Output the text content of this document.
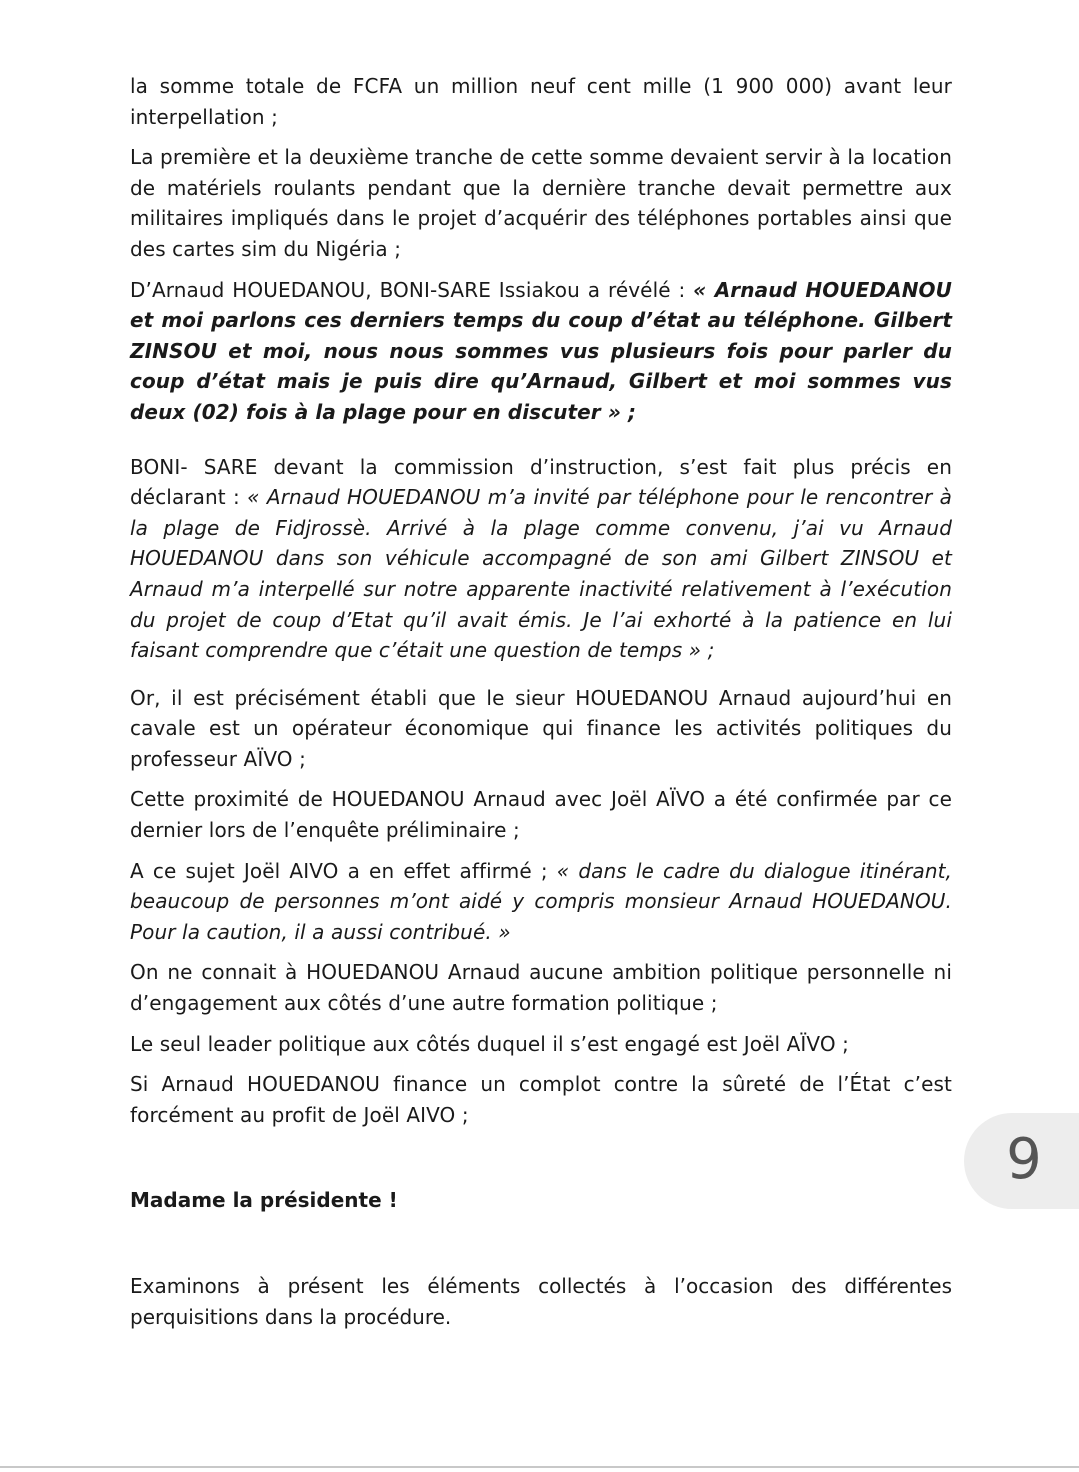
la somme totale de FCFA un million neuf cent mille (1 900 000) avant leur interpellation ;

La première et la deuxième tranche de cette somme devaient servir à la location de matériels roulants pendant que la dernière tranche devait permettre aux militaires impliqués dans le projet d’acquérir des téléphones portables ainsi que des cartes sim du Nigéria ;

D’Arnaud HOUEDANOU, BONI-SARE Issiakou a révélé : « Arnaud HOUEDANOU et moi parlons ces derniers temps du coup d’état au téléphone. Gilbert ZINSOU et moi, nous nous sommes vus plusieurs fois pour parler du coup d’état mais je puis dire qu’Arnaud, Gilbert et moi sommes vus deux (02) fois à la plage pour en discuter » ;

BONI- SARE devant la commission d’instruction, s’est fait plus précis en déclarant : « Arnaud HOUEDANOU m’a invité par téléphone pour le rencontrer à la plage de Fidjrossè. Arrivé à la plage comme convenu, j’ai vu Arnaud HOUEDANOU dans son véhicule accompagné de son ami Gilbert ZINSOU et Arnaud m’a interpellé sur notre apparente inactivité relativement à l’exécution du projet de coup d’Etat qu’il avait émis. Je l’ai exhorté à la patience en lui faisant comprendre que c’était une question de temps » ;

Or, il est précisément établi que le sieur HOUEDANOU Arnaud aujourd’hui en cavale est un opérateur économique qui finance les activités politiques du professeur AÏVO ;

Cette proximité de HOUEDANOU Arnaud avec Joël AÏVO a été confirmée par ce dernier lors de l’enquête préliminaire ;

A ce sujet Joël AIVO a en effet affirmé ; « dans le cadre du dialogue itinérant, beaucoup de personnes m’ont aidé y compris monsieur Arnaud HOUEDANOU. Pour la caution, il a aussi contribué. »

On ne connait à HOUEDANOU Arnaud aucune ambition politique personnelle ni d’engagement aux côtés d’une autre formation politique ;

Le seul leader politique aux côtés duquel il s’est engagé est Joël AÏVO ;

Si Arnaud HOUEDANOU finance un complot contre la sûreté de l’État c’est forcément au profit de Joël AIVO ;

9

Madame la présidente !

Examinons à présent les éléments collectés à l’occasion des différentes perquisitions dans la procédure.
